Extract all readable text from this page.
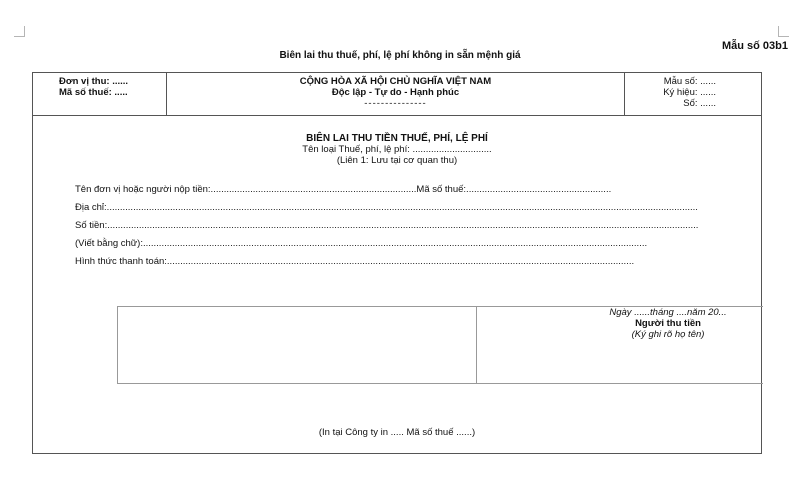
Mẫu số 03b1
Biên lai thu thuế, phí, lệ phí không in sẵn mệnh giá
Đơn vị thu: ......
Mã số thuế: .....
CỘNG HÒA XÃ HỘI CHỦ NGHĨA VIỆT NAM
Độc lập - Tự do - Hạnh phúc
---------------
Mẫu số: ......
Ký hiệu: ......
Số: ......
BIÊN LAI THU TIỀN THUẾ, PHÍ, LỆ PHÍ
Tên loại Thuế, phí, lệ phí: ..............................
(Liên 1: Lưu tại cơ quan thu)
Tên đơn vị hoặc người nộp tiền:..............................................................................Mã số thuế:.......................................................
Địa chỉ:................................................................................................................................................................................................................................
Số tiền:................................................................................................................................................................................................................................
(Viết bằng chữ):...............................................................................................................................................................................................
Hình thức thanh toán:.................................................................................................................................................................................
Ngày ......tháng ....năm 20...
Người thu tiền
(Ký ghi rõ họ tên)
(In tại Công ty in ..... Mã số thuế ......)
